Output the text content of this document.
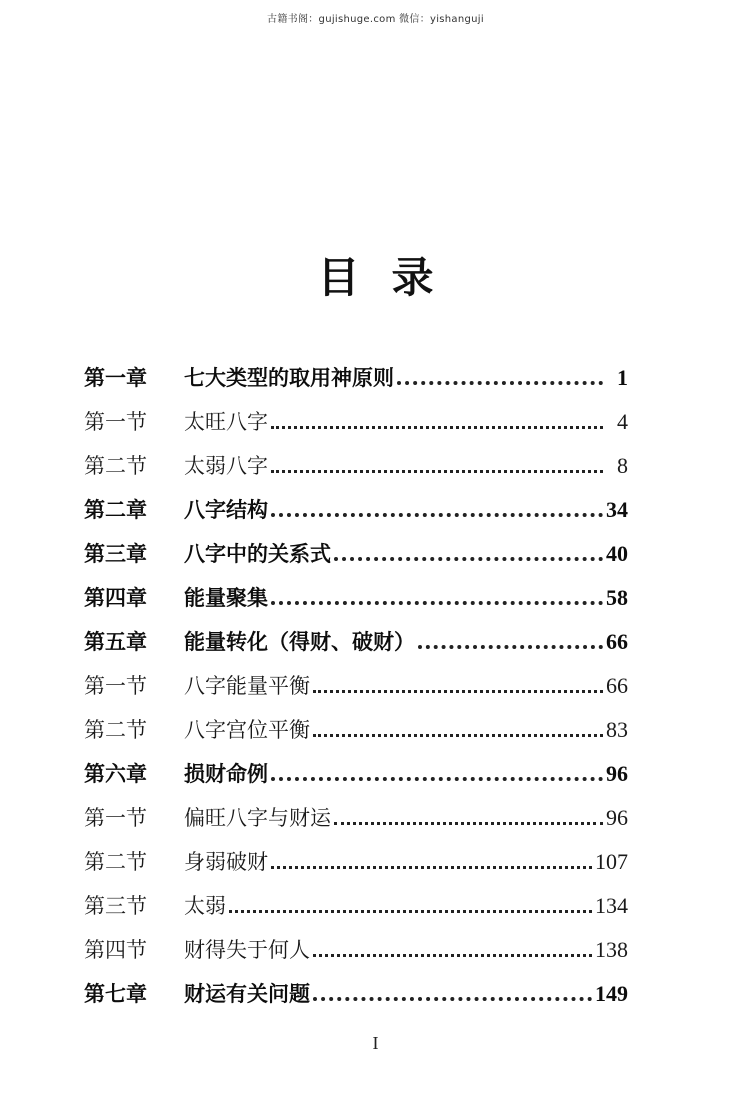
古籍书阁：gujishuge.com 微信：yishanguji
目录
第一章	七大类型的取用神原则	1
第一节	太旺八字	4
第二节	太弱八字	8
第二章	八字结构	34
第三章	八字中的关系式	40
第四章	能量聚集	58
第五章	能量转化（得财、破财）	66
第一节	八字能量平衡	66
第二节	八字宫位平衡	83
第六章	损财命例	96
第一节	偏旺八字与财运	96
第二节	身弱破财	107
第三节	太弱	134
第四节	财得失于何人	138
第七章	财运有关问题	149
I
